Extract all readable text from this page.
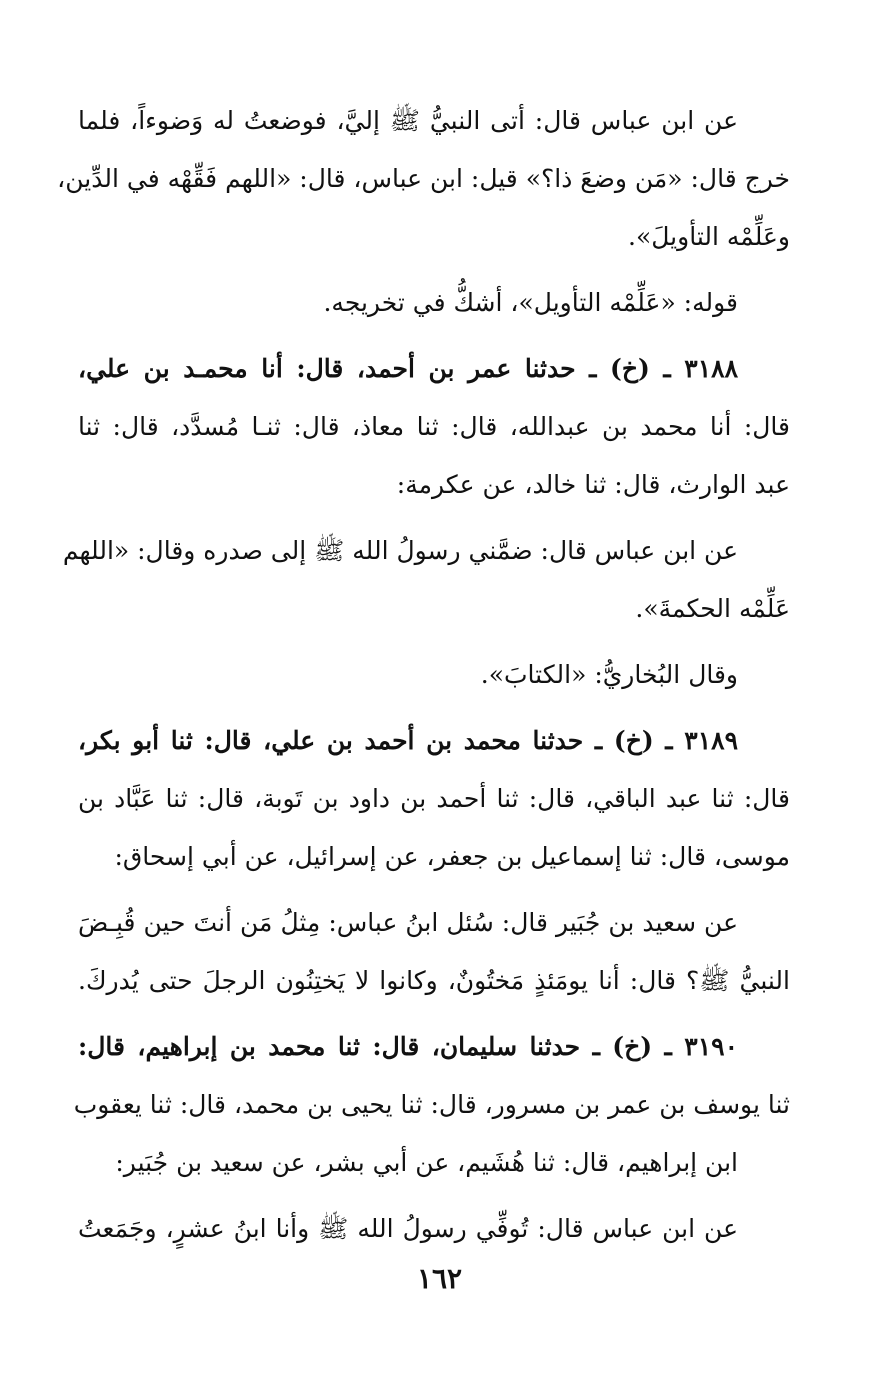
عن ابن عباس قال: أتى النبيُّ ﷺ إليَّ، فوضعتُ له وَضوءاً، فلما
خرج قال: «مَن وضعَ ذا؟» قيل: ابن عباس، قال: «اللهم فَقِّهْه في الدِّين،
وعَلِّمْه التأويلَ».

قوله: «عَلِّمْه التأويل»، أشكُّ في تخريجه.

٣١٨٨ ـ (خ) ـ حدثنا عمر بن أحمد، قال: أنا محمـد بن علي،
قال: أنا محمد بن عبدالله، قال: ثنا معاذ، قال: ثنـا مُسدَّد، قال: ثنا
عبد الوارث، قال: ثنا خالد، عن عكرمة:

عن ابن عباس قال: ضمَّني رسولُ الله ﷺ إلى صدره وقال: «اللهم
عَلِّمْه الحكمةَ».

وقال البُخاريُّ: «الكتابَ».

٣١٨٩ ـ (خ) ـ حدثنا محمد بن أحمد بن علي، قال: ثنا أبو بكر،
قال: ثنا عبد الباقي، قال: ثنا أحمد بن داود بن تَوبة، قال: ثنا عَبَّاد بن
موسى، قال: ثنا إسماعيل بن جعفر، عن إسرائيل، عن أبي إسحاق:

عن سعيد بن جُبَير قال: سُئل ابنُ عباس: مِثلُ مَن أنتَ حين قُبِـضَ
النبيُّ ﷺ؟ قال: أنا يومَئذٍ مَختُونٌ، وكانوا لا يَختِنُون الرجلَ حتى يُدركَ.

٣١٩٠ ـ (خ) ـ حدثنا سليمان، قال: ثنا محمد بن إبراهيم، قال:
ثنا يوسف بن عمر بن مسرور، قال: ثنا يحيى بن محمد، قال: ثنا يعقوب
ابن إبراهيم، قال: ثنا هُشَيم، عن أبي بشر، عن سعيد بن جُبَير:

عن ابن عباس قال: تُوفِّي رسولُ الله ﷺ وأنا ابنُ عشرٍ، وجَمَعتُ

١٦٢
